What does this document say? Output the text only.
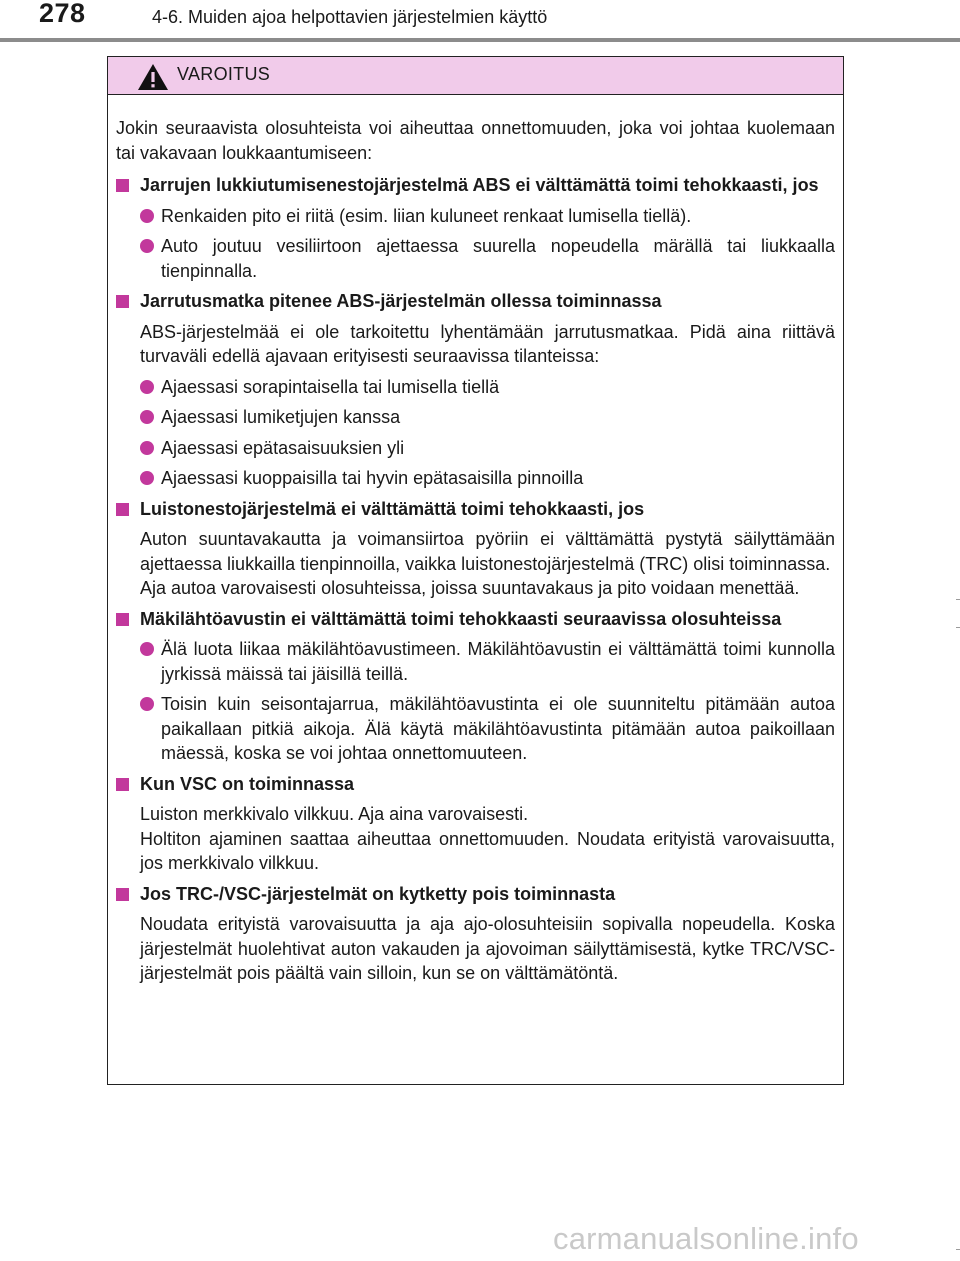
278	4-6. Muiden ajoa helpottavien järjestelmien käyttö
VAROITUS

Jokin seuraavista olosuhteista voi aiheuttaa onnettomuuden, joka voi johtaa kuolemaan tai vakavaan loukkaantumiseen:

Jarrujen lukkiutumisenestojärjestelmä ABS ei välttämättä toimi tehokkaasti, jos
Renkaiden pito ei riitä (esim. liian kuluneet renkaat lumisella tiellä).
Auto joutuu vesiliirtoon ajettaessa suurella nopeudella märällä tai liukkaalla tienpinnalla.
Jarrutusmatka pitenee ABS-järjestelmän ollessa toiminnassa
ABS-järjestelmää ei ole tarkoitettu lyhentämään jarrutusmatkaa. Pidä aina riittävä turvaväli edellä ajavaan erityisesti seuraavissa tilanteissa:
Ajaessasi sorapintaisella tai lumisella tiellä
Ajaessasi lumiketjujen kanssa
Ajaessasi epätasaisuuksien yli
Ajaessasi kuoppaisilla tai hyvin epätasaisilla pinnoilla
Luistonestojärjestelmä ei välttämättä toimi tehokkaasti, jos
Auton suuntavakautta ja voimansiirtoa pyöriin ei välttämättä pystytä säilyttämään ajettaessa liukkailla tienpinnoilla, vaikka luistonestojärjestelmä (TRC) olisi toiminnassa.
Aja autoa varovaisesti olosuhteissa, joissa suuntavakaus ja pito voidaan menettää.
Mäkilähtöavustin ei välttämättä toimi tehokkaasti seuraavissa olosuhteissa
Älä luota liikaa mäkilähtöavustimeen. Mäkilähtöavustin ei välttämättä toimi kunnolla jyrkissä mäissä tai jäisillä teillä.
Toisin kuin seisontajarrua, mäkilähtöavustinta ei ole suunniteltu pitämään autoa paikallaan pitkiä aikoja. Älä käytä mäkilähtöavustinta pitämään autoa paikoillaan mäessä, koska se voi johtaa onnettomuuteen.
Kun VSC on toiminnassa
Luiston merkkivalo vilkkuu. Aja aina varovaisesti.
Holtiton ajaminen saattaa aiheuttaa onnettomuuden. Noudata erityistä varovaisuutta, jos merkkivalo vilkkuu.
Jos TRC-/VSC-järjestelmät on kytketty pois toiminnasta
Noudata erityistä varovaisuutta ja aja ajo-olosuhteisiin sopivalla nopeudella. Koska järjestelmät huolehtivat auton vakauden ja ajovoiman säilyttämisestä, kytke TRC/VSC-järjestelmät pois päältä vain silloin, kun se on välttämätöntä.
carmanualsonline.info
